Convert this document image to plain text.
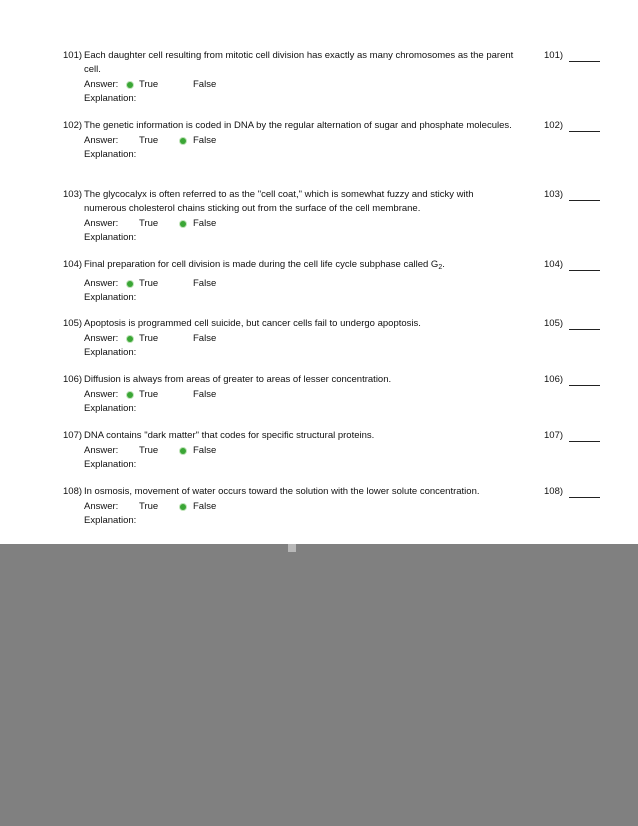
101) Each daughter cell resulting from mitotic cell division has exactly as many chromosomes as the parent cell.
101)
Answer: True	False
Explanation:
102) The genetic information is coded in DNA by the regular alternation of sugar and phosphate molecules.	102)
Answer: True	False
Explanation:
103) The glycocalyx is often referred to as the "cell coat," which is somewhat fuzzy and sticky with numerous cholesterol chains sticking out from the surface of the cell membrane.
103)
Answer: True	False
Explanation:
104) Final preparation for cell division is made during the cell life cycle subphase called $G_2$.	104)
Answer: True	False
Explanation:
105) Apoptosis is programmed cell suicide, but cancer cells fail to undergo apoptosis.	105)
Answer: True	False
Explanation:
106) Diffusion is always from areas of greater to areas of lesser concentration.	106)
Answer: True	False
Explanation:
107) DNA contains "dark matter" that codes for specific structural proteins.	107)
Answer: True	False
Explanation:
108) In osmosis, movement of water occurs toward the solution with the lower solute concentration.	108)
Answer: True	False
Explanation:
